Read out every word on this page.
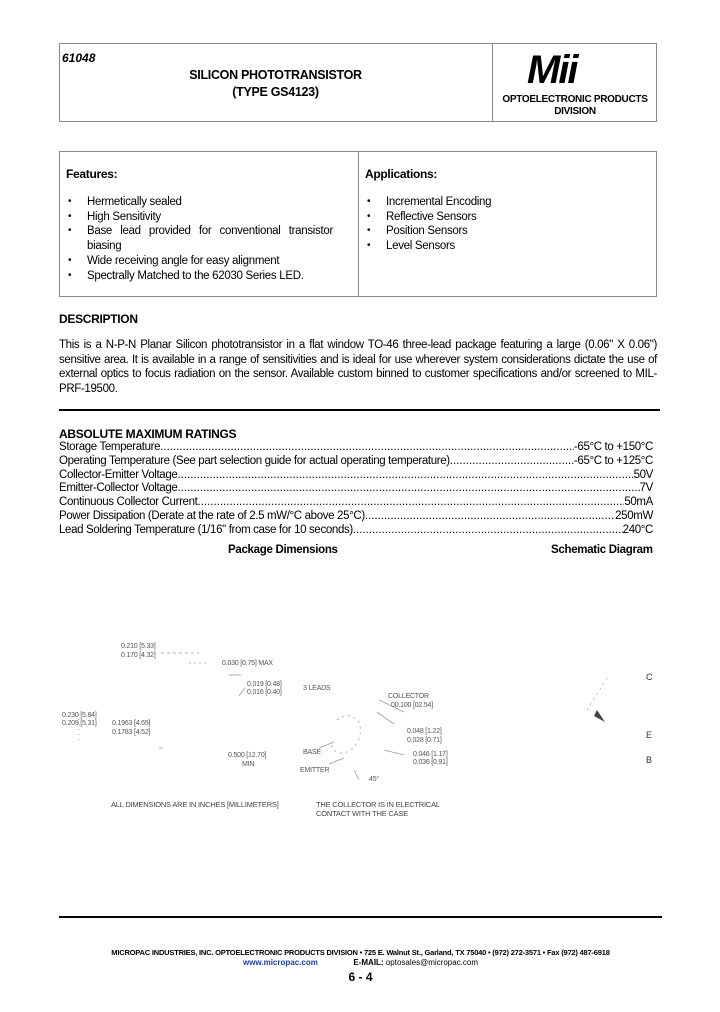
61048
SILICON PHOTOTRANSISTOR
(TYPE GS4123)	Mii
OPTOELECTRONIC PRODUCTS
DIVISION
Features:
• Hermetically sealed
• High Sensitivity
• Base lead provided for conventional transistor biasing
• Wide receiving angle for easy alignment
• Spectrally Matched to the 62030 Series LED.
Applications:
• Incremental Encoding
• Reflective Sensors
• Position Sensors
• Level Sensors
DESCRIPTION
This is a N-P-N Planar Silicon phototransistor in a flat window TO-46 three-lead package featuring a large (0.06" X 0.06") sensitive area. It is available in a range of sensitivities and is ideal for use wherever system considerations dictate the use of external optics to focus radiation on the sensor. Available custom binned to customer specifications and/or screened to MIL-PRF-19500.
ABSOLUTE MAXIMUM RATINGS
Storage Temperature .....	-65°C to +150°C
Operating Temperature (See part selection guide for actual operating temperature) .....	-65°C to +125°C
Collector-Emitter Voltage .....	50V
Emitter-Collector Voltage .....	7V
Continuous Collector Current .....	50mA
Power Dissipation (Derate at the rate of 2.5 mW/°C above 25°C) .....	250mW
Lead Soldering Temperature (1/16" from case for 10 seconds) .....	240°C
Package Dimensions	Schematic Diagram
0.210 [5.33]
0.170 [4.32]
0.030 [0.75] MAX
0.019 [0.48]
0.016 [0.40]
3 LEADS
0.230 [5.84]
0.209 [5.31] 0.1963 [4.65]
0.1783 [4.52]
0.500 [12.70]
MIN
COLLECTOR
00.100 [02.54]
0.048 [1.22]
0.028 [0.71]
0.046 [1.17]
0.036 [0.91]
BASE
EMITTER
45°
ALL DIMENSIONS ARE IN INCHES [MILLIMETERS]	THE COLLECTOR IS IN ELECTRICAL
CONTACT WITH THE CASE
C
E
B
MICROPAC INDUSTRIES, INC. OPTOELECTRONIC PRODUCTS DIVISION • 725 E. Walnut St., Garland, TX 75040 • (972) 272-3571 • Fax (972) 487-6918
www.micropac.com	E-MAIL: optosales@micropac.com
6 - 4
